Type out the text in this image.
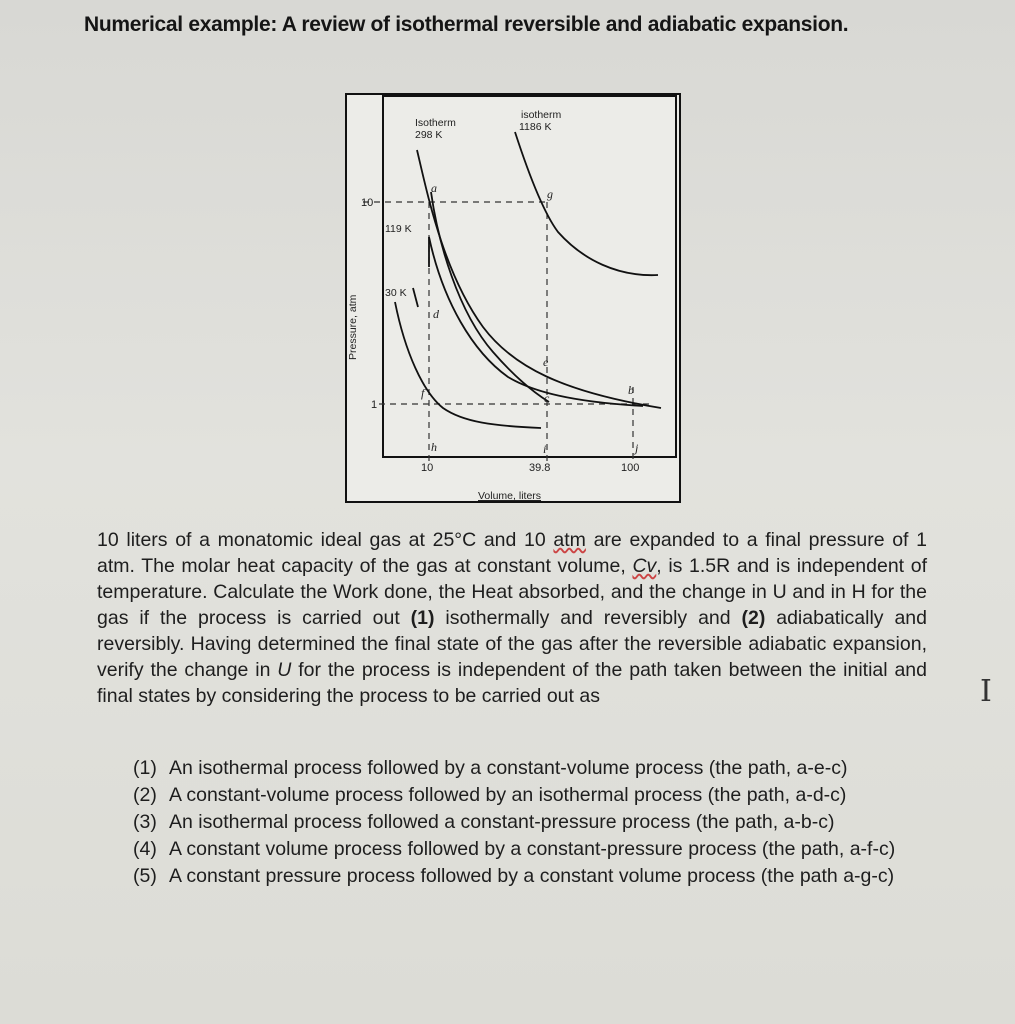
Numerical example: A review of isothermal reversible and adiabatic expansion.
10
1
10	39.8	100
Volume, liters
Pressure, atm
Isotherm
298 K
isotherm
1186 K
119 K
30 K
a	g
d
e
c
b
f
h	i	j
10 liters of a monatomic ideal gas at 25°C and 10 atm are expanded to a final pressure of 1 atm. The molar heat capacity of the gas at constant volume, Cv, is 1.5R and is independent of temperature. Calculate the Work done, the Heat absorbed, and the change in U and in H for the gas if the process is carried out (1) isothermally and reversibly and (2) adiabatically and reversibly. Having determined the final state of the gas after the reversible adiabatic expansion, verify the change in U for the process is independent of the path taken between the initial and final states by considering the process to be carried out as
(1) An isothermal process followed by a constant-volume process (the path, a-e-c)
(2) A constant-volume process followed by an isothermal process (the path, a-d-c)
(3) An isothermal process followed a constant-pressure process (the path, a-b-c)
(4) A constant volume process followed by a constant-pressure process (the path, a-f-c)
(5) A constant pressure process followed by a constant volume process (the path a-g-c)
I
